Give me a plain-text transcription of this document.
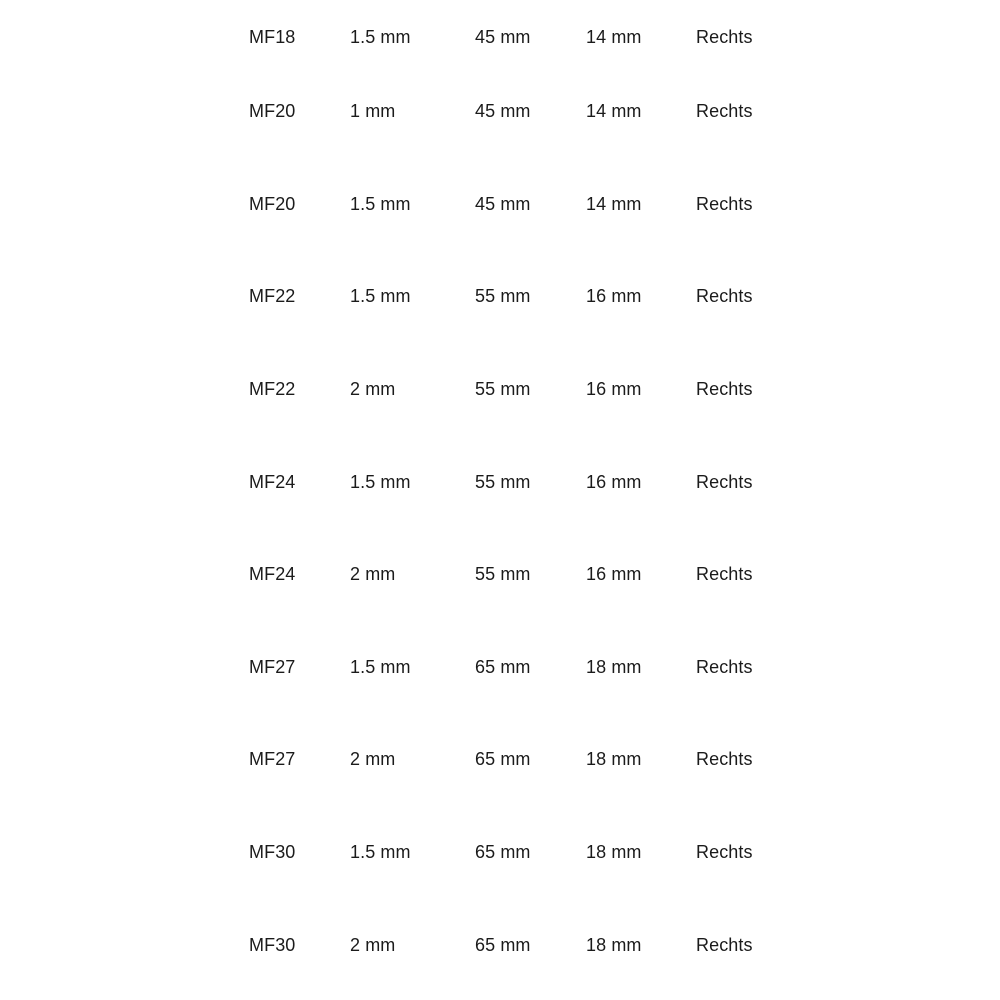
MF18	1.5 mm	45 mm	14 mm	Rechts
MF20	1 mm	45 mm	14 mm	Rechts
MF20	1.5 mm	45 mm	14 mm	Rechts
MF22	1.5 mm	55 mm	16 mm	Rechts
MF22	2 mm	55 mm	16 mm	Rechts
MF24	1.5 mm	55 mm	16 mm	Rechts
MF24	2 mm	55 mm	16 mm	Rechts
MF27	1.5 mm	65 mm	18 mm	Rechts
MF27	2 mm	65 mm	18 mm	Rechts
MF30	1.5 mm	65 mm	18 mm	Rechts
MF30	2 mm	65 mm	18 mm	Rechts
